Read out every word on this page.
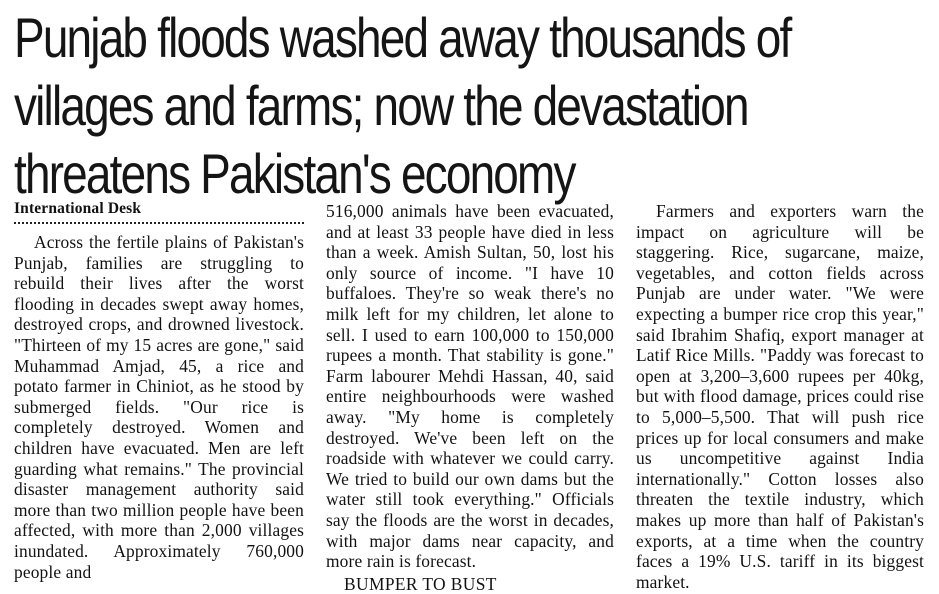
Punjab floods washed away thousands of villages and farms; now the devastation threatens Pakistan's economy
International Desk

Across the fertile plains of Pakistan's Punjab, families are struggling to rebuild their lives after the worst flooding in decades swept away homes, destroyed crops, and drowned livestock. "Thirteen of my 15 acres are gone," said Muhammad Amjad, 45, a rice and potato farmer in Chiniot, as he stood by submerged fields. "Our rice is completely destroyed. Women and children have evacuated. Men are left guarding what remains." The provincial disaster management authority said more than two million people have been affected, with more than 2,000 villages inundated. Approximately 760,000 people and

516,000 animals have been evacuated, and at least 33 people have died in less than a week. Amish Sultan, 50, lost his only source of income. "I have 10 buffaloes. They're so weak there's no milk left for my children, let alone to sell. I used to earn 100,000 to 150,000 rupees a month. That stability is gone." Farm labourer Mehdi Hassan, 40, said entire neighbourhoods were washed away. "My home is completely destroyed. We've been left on the roadside with whatever we could carry. We tried to build our own dams but the water still took everything." Officials say the floods are the worst in decades, with major dams near capacity, and more rain is forecast.

BUMPER TO BUST

Farmers and exporters warn the impact on agriculture will be staggering. Rice, sugarcane, maize, vegetables, and cotton fields across Punjab are under water. "We were expecting a bumper rice crop this year," said Ibrahim Shafiq, export manager at Latif Rice Mills. "Paddy was forecast to open at 3,200–3,600 rupees per 40kg, but with flood damage, prices could rise to 5,000–5,500. That will push rice prices up for local consumers and make us uncompetitive against India internationally." Cotton losses also threaten the textile industry, which makes up more than half of Pakistan's exports, at a time when the country faces a 19% U.S. tariff in its biggest market.
